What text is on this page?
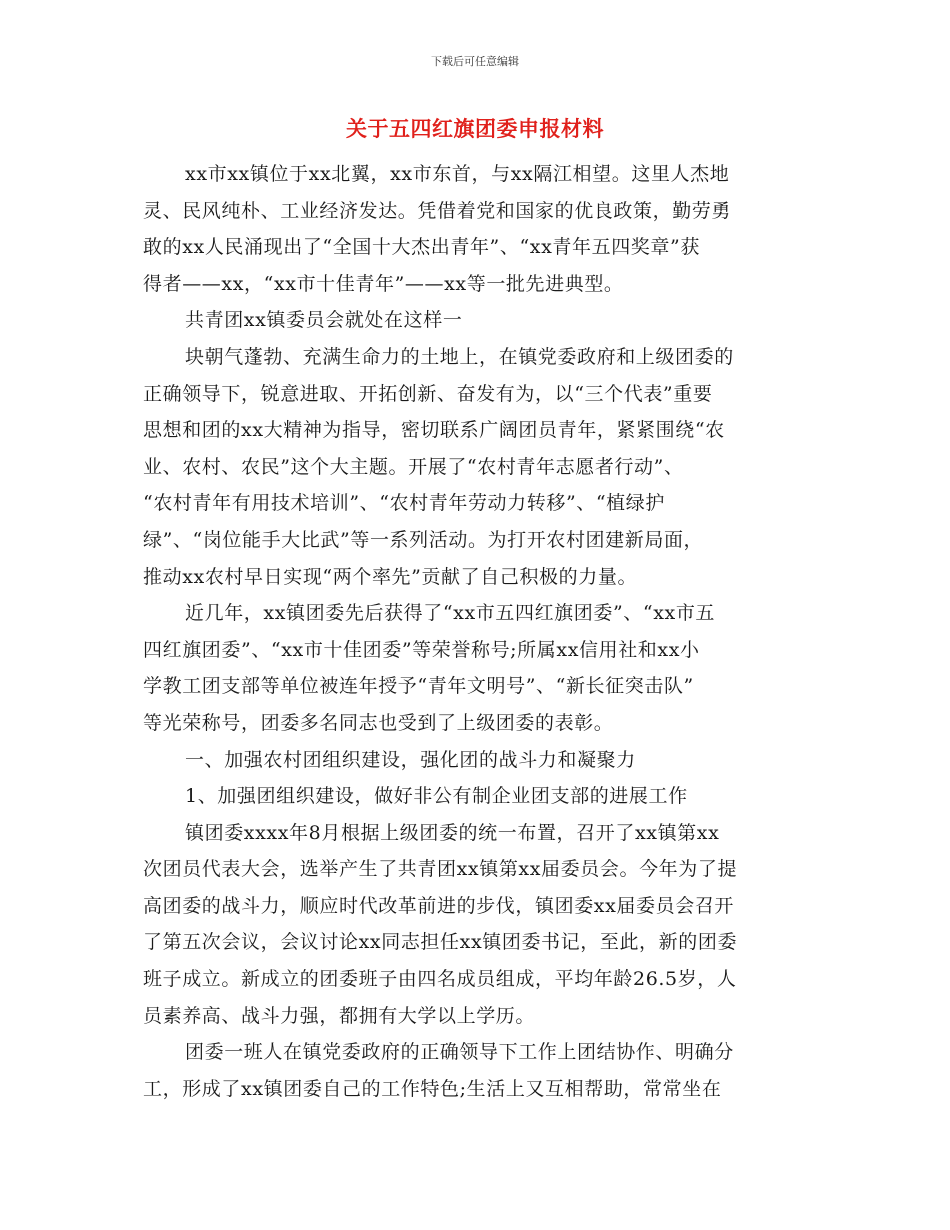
下载后可任意编辑
关于五四红旗团委申报材料
xx市xx镇位于xx北翼，xx市东首，与xx隔江相望。这里人杰地
灵、民风纯朴、工业经济发达。凭借着党和国家的优良政策，勤劳勇
敢的xx人民涌现出了“全国十大杰出青年”、“xx青年五四奖章”获
得者——xx，“xx市十佳青年”——xx等一批先进典型。
共青团xx镇委员会就处在这样一
块朝气蓬勃、充满生命力的土地上，在镇党委政府和上级团委的
正确领导下，锐意进取、开拓创新、奋发有为，以“三个代表”重要
思想和团的xx大精神为指导，密切联系广阔团员青年，紧紧围绕“农
业、农村、农民”这个大主题。开展了“农村青年志愿者行动”、
“农村青年有用技术培训”、“农村青年劳动力转移”、“植绿护
绿”、“岗位能手大比武”等一系列活动。为打开农村团建新局面，
推动xx农村早日实现“两个率先”贡献了自己积极的力量。
近几年，xx镇团委先后获得了“xx市五四红旗团委”、“xx市五
四红旗团委”、“xx市十佳团委”等荣誉称号;所属xx信用社和xx小
学教工团支部等单位被连年授予“青年文明号”、“新长征突击队”
等光荣称号，团委多名同志也受到了上级团委的表彰。
一、加强农村团组织建设，强化团的战斗力和凝聚力
1、加强团组织建设，做好非公有制企业团支部的进展工作
镇团委xxxx年8月根据上级团委的统一布置，召开了xx镇第xx
次团员代表大会，选举产生了共青团xx镇第xx届委员会。今年为了提
高团委的战斗力，顺应时代改革前进的步伐，镇团委xx届委员会召开
了第五次会议，会议讨论xx同志担任xx镇团委书记，至此，新的团委
班子成立。新成立的团委班子由四名成员组成，平均年龄26.5岁，人
员素养高、战斗力强，都拥有大学以上学历。
团委一班人在镇党委政府的正确领导下工作上团结协作、明确分
工，形成了xx镇团委自己的工作特色;生活上又互相帮助，常常坐在
